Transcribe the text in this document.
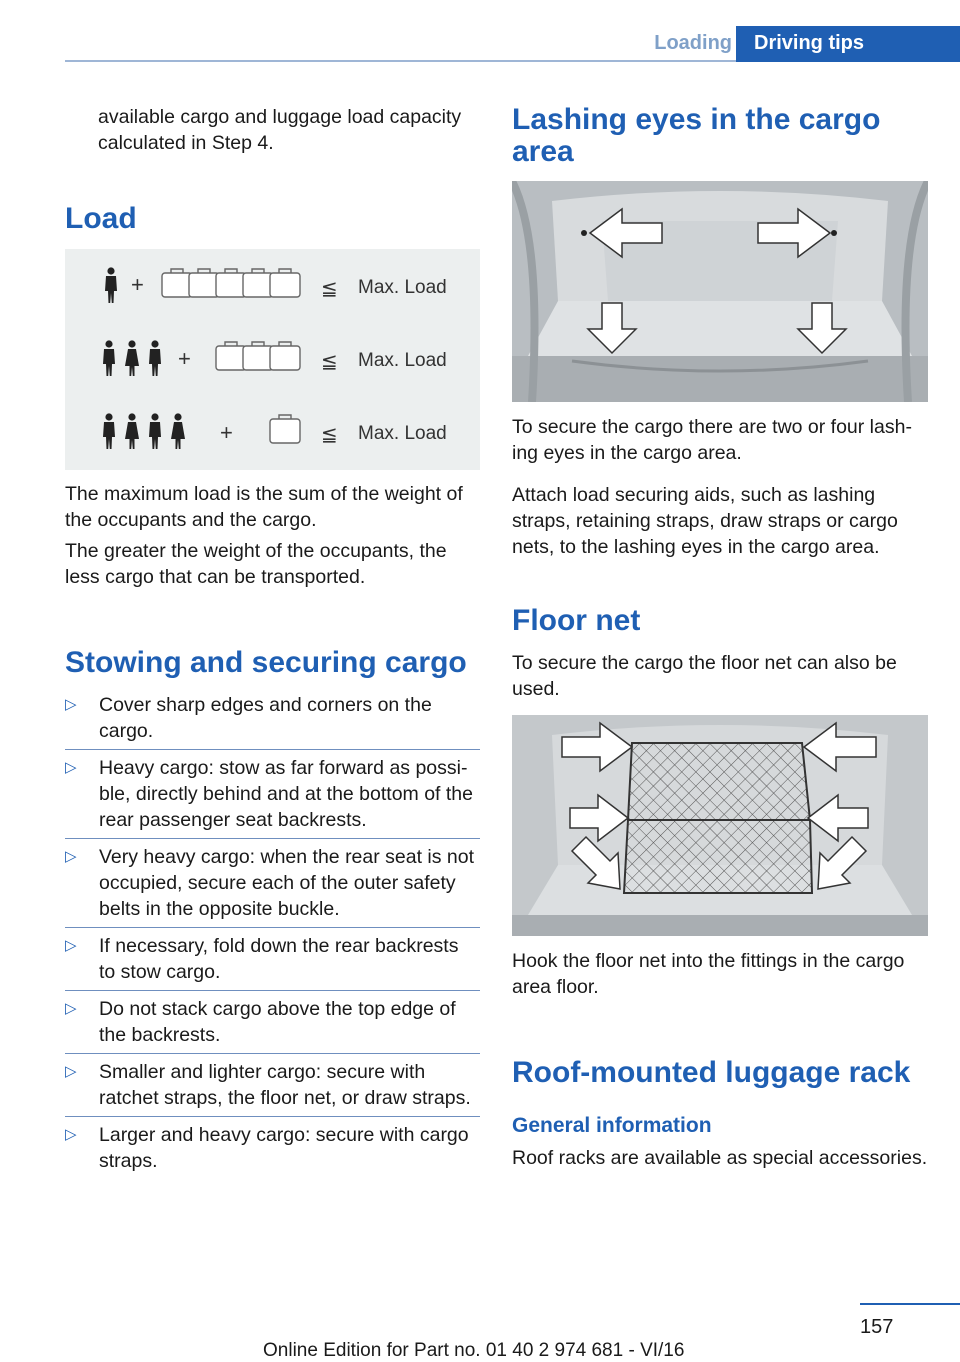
Loading	Driving tips
available cargo and luggage load capacity calculated in Step 4.
Load
+	≦ Max. Load
+	≦ Max. Load
+	≦ Max. Load
The maximum load is the sum of the weight of the occupants and the cargo.
The greater the weight of the occupants, the less cargo that can be transported.
Stowing and securing cargo
▷	Cover sharp edges and corners on the cargo.
▷	Heavy cargo: stow as far forward as possi‐ble, directly behind and at the bottom of the rear passenger seat backrests.
▷	Very heavy cargo: when the rear seat is not occupied, secure each of the outer safety belts in the opposite buckle.
▷	If necessary, fold down the rear backrests to stow cargo.
▷	Do not stack cargo above the top edge of the backrests.
▷	Smaller and lighter cargo: secure with ratchet straps, the floor net, or draw straps.
▷	Larger and heavy cargo: secure with cargo straps.
Lashing eyes in the cargo area
To secure the cargo there are two or four lash‐ing eyes in the cargo area.
Attach load securing aids, such as lashing straps, retaining straps, draw straps or cargo nets, to the lashing eyes in the cargo area.
Floor net
To secure the cargo the floor net can also be used.
Hook the floor net into the fittings in the cargo area floor.
Roof-mounted luggage rack
General information
Roof racks are available as special accessories.
157
Online Edition for Part no. 01 40 2 974 681 - VI/16
